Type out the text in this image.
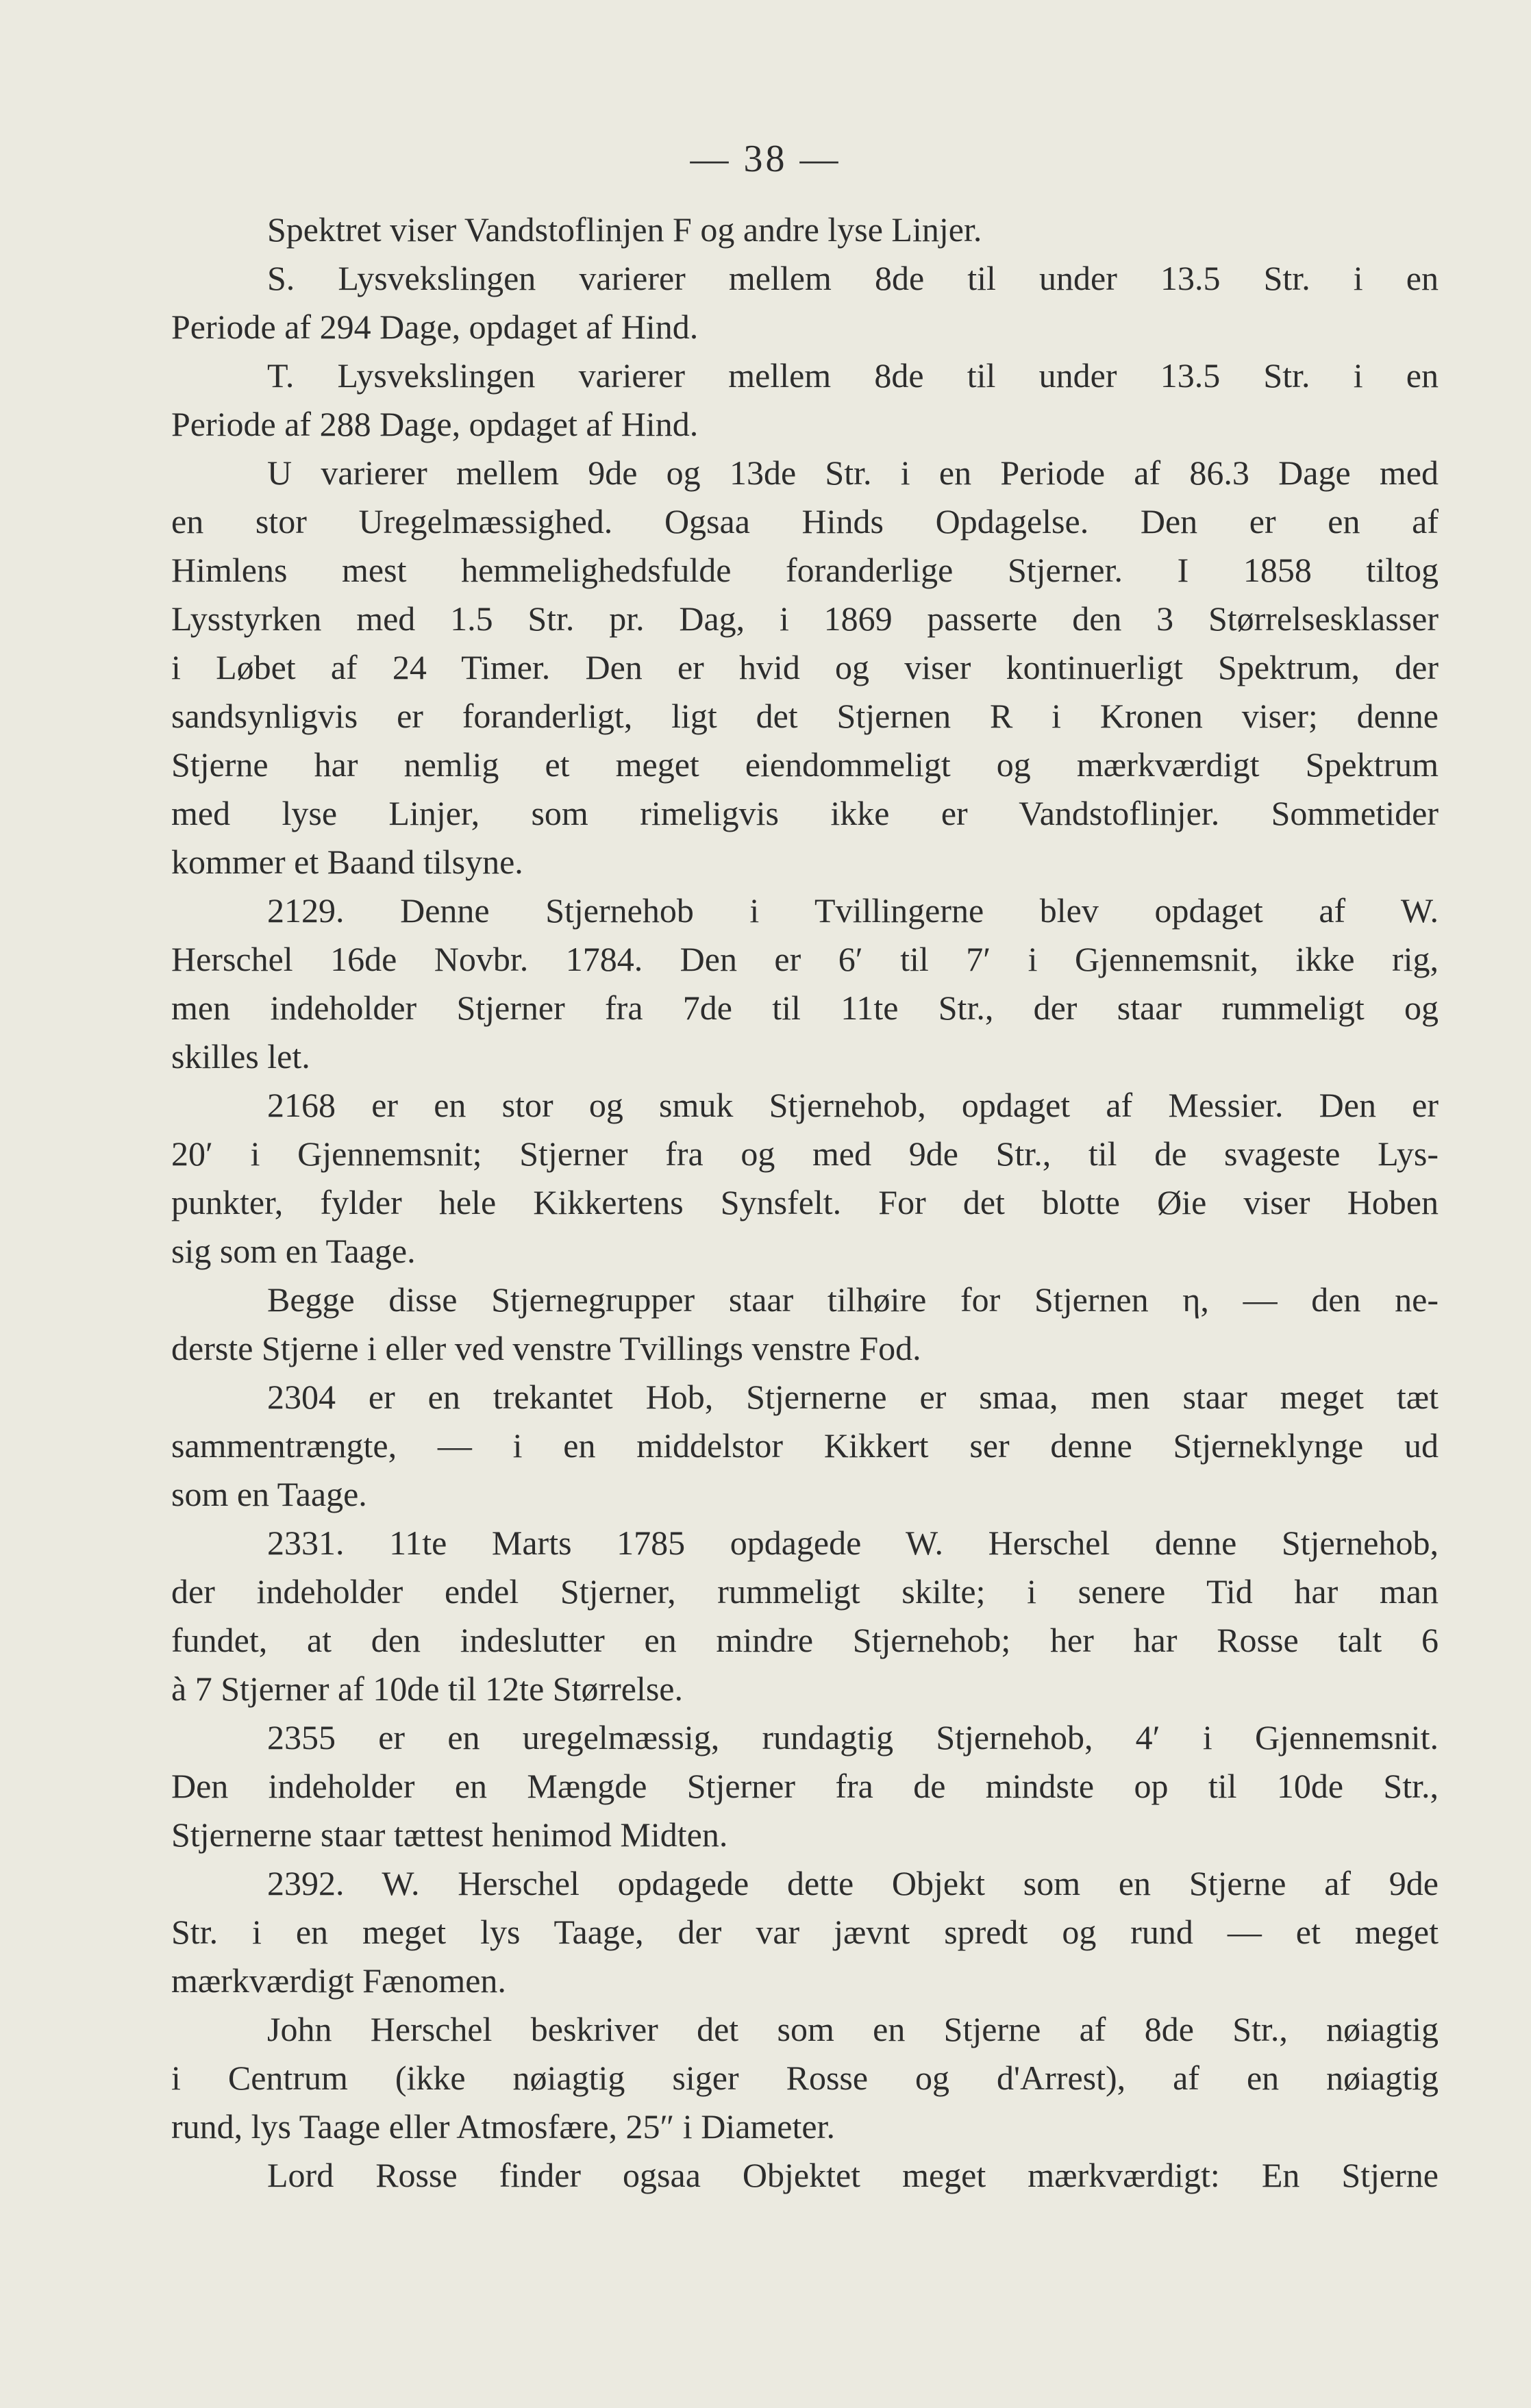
— 38 —
Spektret viser Vandstoflinjen F og andre lyse Linjer.
S. Lysvekslingen varierer mellem 8de til under 13.5 Str. i en
Periode af 294 Dage, opdaget af Hind.
T. Lysvekslingen varierer mellem 8de til under 13.5 Str. i en
Periode af 288 Dage, opdaget af Hind.
U varierer mellem 9de og 13de Str. i en Periode af 86.3 Dage med
en stor Uregelmæssighed. Ogsaa Hinds Opdagelse. Den er en af
Himlens mest hemmelighedsfulde foranderlige Stjerner. I 1858 tiltog
Lysstyrken med 1.5 Str. pr. Dag, i 1869 passerte den 3 Størrelsesklasser
i Løbet af 24 Timer. Den er hvid og viser kontinuerligt Spektrum, der
sandsynligvis er foranderligt, ligt det Stjernen R i Kronen viser; denne
Stjerne har nemlig et meget eiendommeligt og mærkværdigt Spektrum
med lyse Linjer, som rimeligvis ikke er Vandstoflinjer. Sommetider
kommer et Baand tilsyne.
2129. Denne Stjernehob i Tvillingerne blev opdaget af W.
Herschel 16de Novbr. 1784. Den er 6′ til 7′ i Gjennemsnit, ikke rig,
men indeholder Stjerner fra 7de til 11te Str., der staar rummeligt og
skilles let.
2168 er en stor og smuk Stjernehob, opdaget af Messier. Den er
20′ i Gjennemsnit; Stjerner fra og med 9de Str., til de svageste Lys-
punkter, fylder hele Kikkertens Synsfelt. For det blotte Øie viser Hoben
sig som en Taage.
Begge disse Stjernegrupper staar tilhøire for Stjernen η, — den ne-
derste Stjerne i eller ved venstre Tvillings venstre Fod.
2304 er en trekantet Hob, Stjernerne er smaa, men staar meget tæt
sammentrængte, — i en middelstor Kikkert ser denne Stjerneklynge ud
som en Taage.
2331. 11te Marts 1785 opdagede W. Herschel denne Stjernehob,
der indeholder endel Stjerner, rummeligt skilte; i senere Tid har man
fundet, at den indeslutter en mindre Stjernehob; her har Rosse talt 6
à 7 Stjerner af 10de til 12te Størrelse.
2355 er en uregelmæssig, rundagtig Stjernehob, 4′ i Gjennemsnit.
Den indeholder en Mængde Stjerner fra de mindste op til 10de Str.,
Stjernerne staar tættest henimod Midten.
2392. W. Herschel opdagede dette Objekt som en Stjerne af 9de
Str. i en meget lys Taage, der var jævnt spredt og rund — et meget
mærkværdigt Fænomen.
John Herschel beskriver det som en Stjerne af 8de Str., nøiagtig
i Centrum (ikke nøiagtig siger Rosse og d'Arrest), af en nøiagtig
rund, lys Taage eller Atmosfære, 25″ i Diameter.
Lord Rosse finder ogsaa Objektet meget mærkværdigt: En Stjerne
